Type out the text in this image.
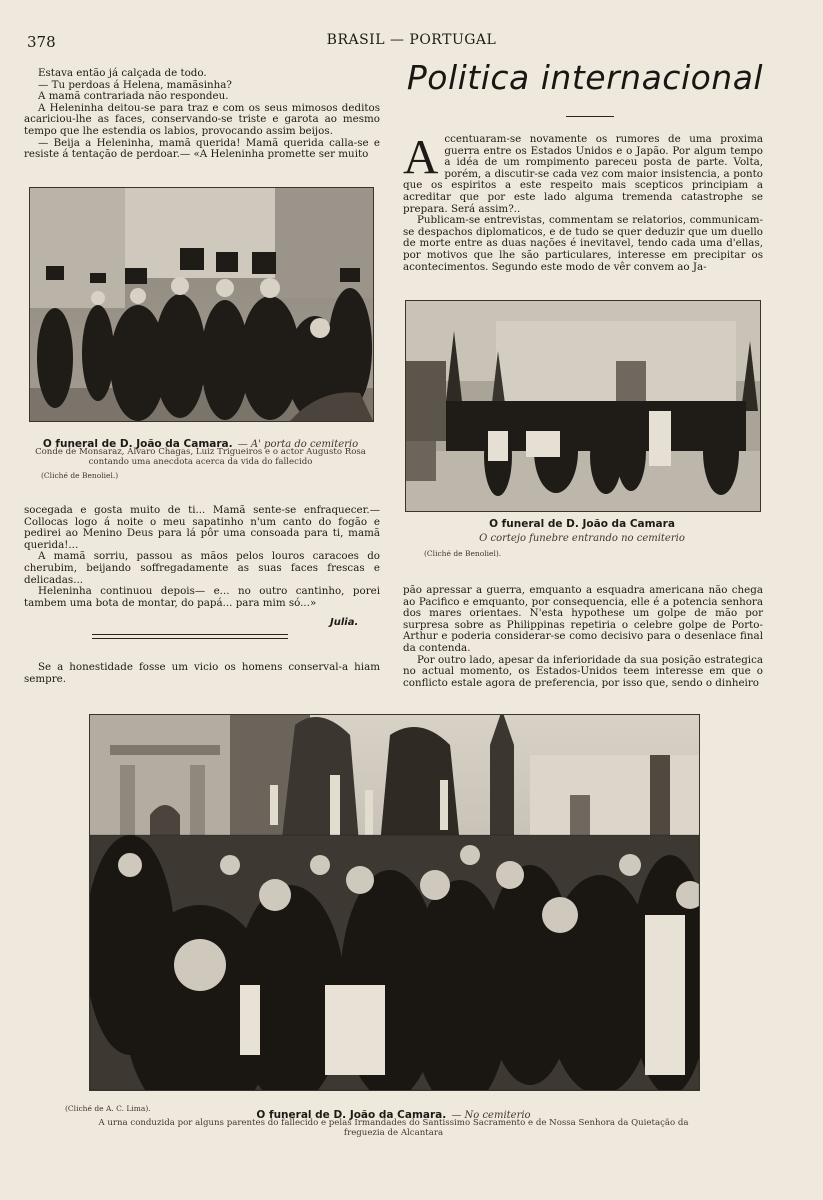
378	BRASIL — PORTUGAL

Estava então já calçada de todo.

— Tu perdoas á Helena, mamãsinha?

A mamã contrariada não respondeu.

A Heleninha deitou-se para traz e com os seus mimosos deditos acariciou-lhe as faces, conservando-se triste e garota ao mesmo tempo que lhe estendia os labios, provocando assim beijos.

— Beija a Heleninha, mamã querida! Mamã querida calla-se e resiste á tentação de perdoar.— «A Heleninha promette ser muito

O funeral de D. João da Camara. — A' porta do cemiterio
Conde de Monsaraz, Alvaro Chagas, Luiz Trigueiros e o actor Augusto Rosa contando uma anecdota acerca da vida do fallecido
(Cliché de Benoliel.)

socegada e gosta muito de ti... Mamã sente-se enfraquecer.— Collocas logo á noite o meu sapatinho n'um canto do fogão e pedirei ao Menino Deus para lá pôr uma consoada para ti, mamã querida!...

A mamã sorriu, passou as mãos pelos louros caracoes do cherubim, beijando soffregadamente as suas faces frescas e delicadas...

Heleninha continuou depois— e... no outro cantinho, porei tambem uma bota de montar, do papá... para mim só...»

Julia.

Se a honestidade fosse um vicio os homens conserval-a hiam sempre.

Politica internacional

A ccentuaram-se novamente os rumores de uma proxima guerra entre os Estados Unidos e o Japão. Por algum tempo a idéa de um rompimento pareceu posta de parte. Volta, porém, a discutir-se cada vez com maior insistencia, a ponto que os espiritos a este respeito mais scepticos principiam a acreditar que por este lado alguma tremenda catastrophe se prepara. Será assim?..

Publicam-se entrevistas, commentam se relatorios, communicam-se despachos diplomaticos, e de tudo se quer deduzir que um duello de morte entre as duas nações é inevitavel, tendo cada uma d'ellas, por motivos que lhe são particulares, interesse em precipitar os acontecimentos. Segundo este modo de vêr convem ao Ja-

O funeral de D. João da Camara
O cortejo funebre entrando no cemiterio
(Cliché de Benoliel).

pão apressar a guerra, emquanto a esquadra americana não chega ao Pacifico e emquanto, por consequencia, elle é a potencia senhora dos mares orientaes. N'esta hypothese um golpe de mão por surpresa sobre as Philippinas repetiria o celebre golpe de Porto-Arthur e poderia considerar-se como decisivo para o desenlace final da contenda.

Por outro lado, apesar da inferioridade da sua posição estrategica no actual momento, os Estados-Unidos teem interesse em que o conflicto estale agora de preferencia, por isso que, sendo o dinheiro

(Cliché de A. C. Lima).
O funeral de D. João da Camara. — No cemiterio
A urna conduzida por alguns parentes do fallecido e pelas Irmandades do Santissimo Sacramento e de Nossa Senhora da Quietação da freguezia de Alcantara
